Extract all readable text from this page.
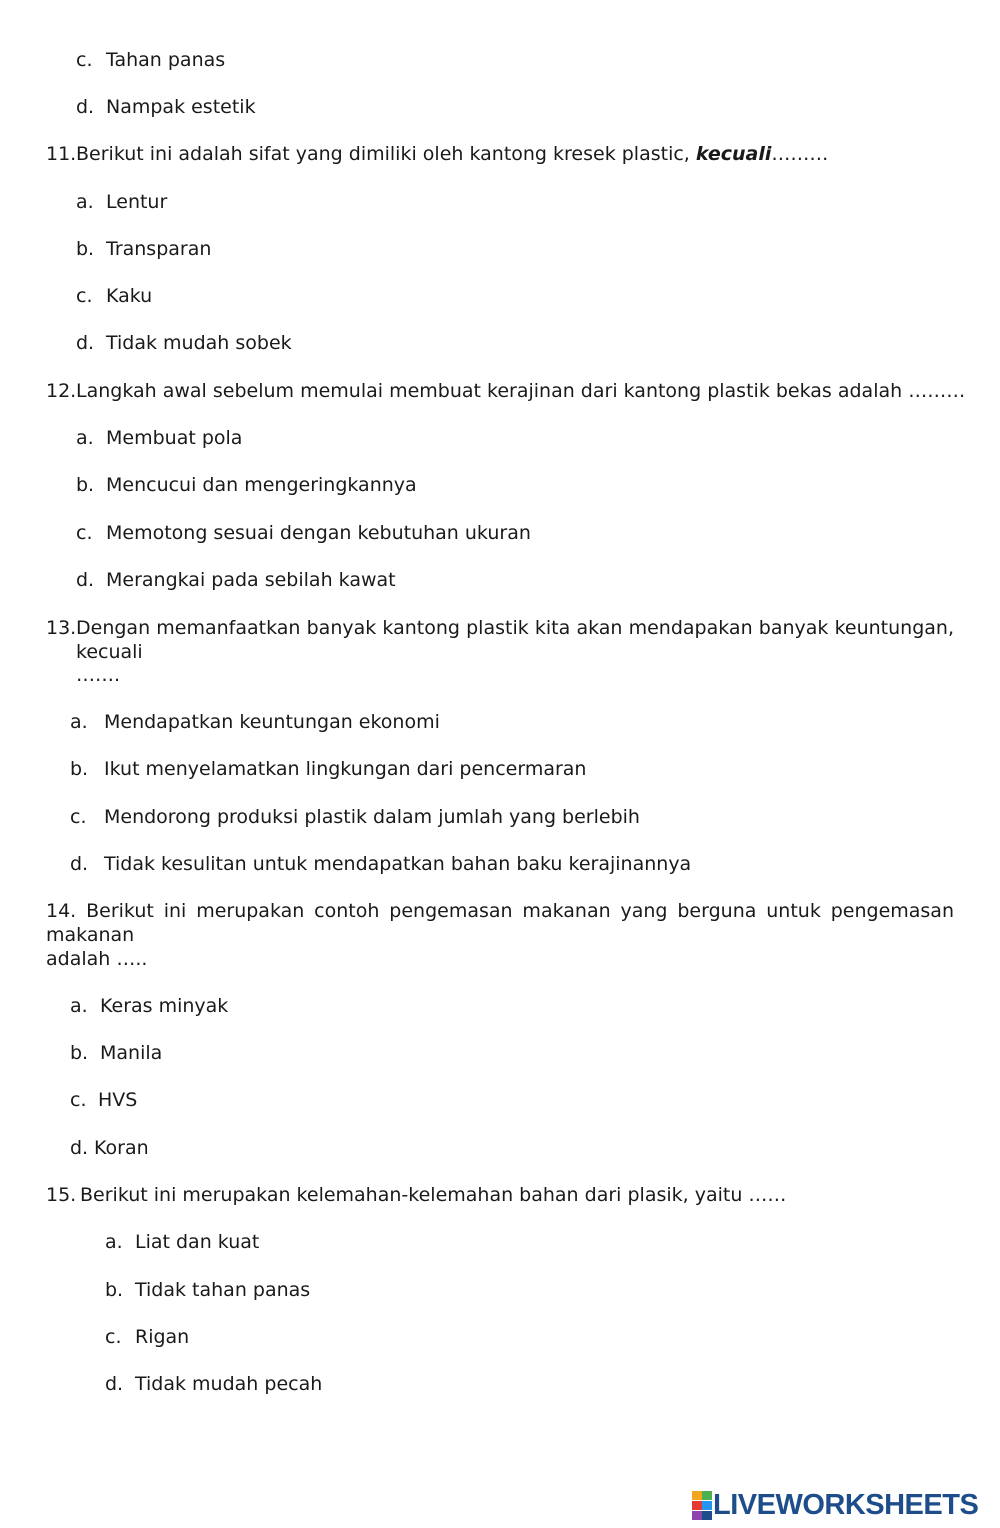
c. Tahan panas
d. Nampak estetik
11.Berikut ini adalah sifat yang dimiliki oleh kantong kresek plastic, kecuali………
a. Lentur
b. Transparan
c. Kaku
d. Tidak mudah sobek
12.Langkah awal sebelum memulai membuat kerajinan dari kantong plastik bekas adalah ………
a. Membuat pola
b. Mencucui dan mengeringkannya
c. Memotong sesuai dengan kebutuhan ukuran
d. Merangkai pada sebilah kawat
13. Dengan memanfaatkan banyak kantong plastik kita akan mendapakan banyak keuntungan, kecuali
…….
a. Mendapatkan keuntungan ekonomi
b. Ikut menyelamatkan lingkungan dari pencermaran
c. Mendorong produksi plastik dalam jumlah yang berlebih
d. Tidak kesulitan untuk mendapatkan bahan baku kerajinannya
14. Berikut ini merupakan contoh pengemasan makanan yang berguna untuk pengemasan makanan
adalah …..
a. Keras minyak
b. Manila
c. HVS
d. Koran
15. Berikut ini merupakan kelemahan-kelemahan bahan dari plasik, yaitu ……
a. Liat dan kuat
b. Tidak tahan panas
c. Rigan
d. Tidak mudah pecah
LIVEWORKSHEETS
